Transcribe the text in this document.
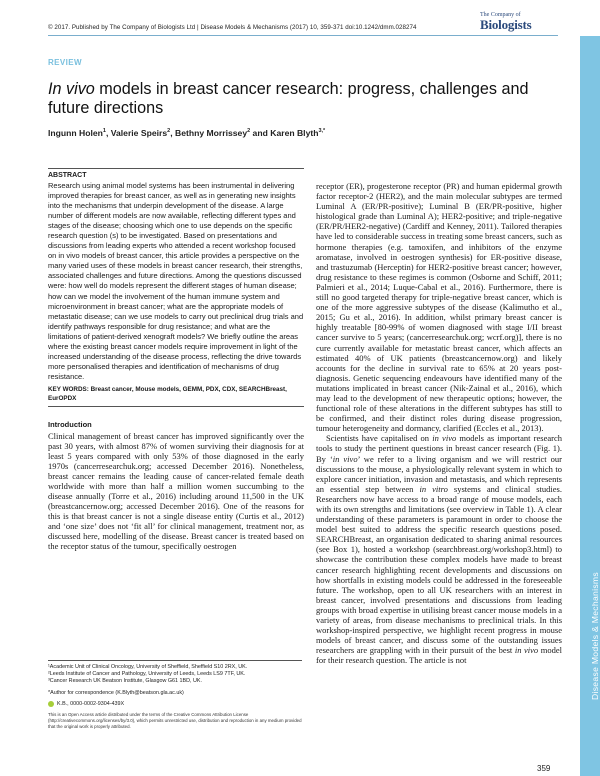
© 2017. Published by The Company of Biologists Ltd | Disease Models & Mechanisms (2017) 10, 359-371 doi:10.1242/dmm.028274
The Company of
Biologists
Disease Models & Mechanisms
REVIEW
In vivo models in breast cancer research: progress, challenges and future directions
Ingunn Holen$^1$, Valerie Speirs$^2$, Bethny Morrissey$^2$ and Karen Blyth$^{3,*}$

ABSTRACT

Research using animal model systems has been instrumental in delivering improved therapies for breast cancer, as well as in generating new insights into the mechanisms that underpin development of the disease. A large number of different models are now available, reflecting different types and stages of the disease; choosing which one to use depends on the specific research question (s) to be investigated. Based on presentations and discussions from leading experts who attended a recent workshop focused on in vivo models of breast cancer, this article provides a perspective on the many varied uses of these models in breast cancer research, their strengths, associated challenges and future directions. Among the questions discussed were: how well do models represent the different stages of human disease; how can we model the involvement of the human immune system and microenvironment in breast cancer; what are the appropriate models of metastatic disease; can we use models to carry out preclinical drug trials and identify pathways responsible for drug resistance; and what are the limitations of patient-derived xenograft models? We briefly outline the areas where the existing breast cancer models require improvement in light of the increased understanding of the disease process, reflecting the drive towards more personalised therapies and identification of mechanisms of drug resistance.

KEY WORDS: Breast cancer, Mouse models, GEMM, PDX, CDX, SEARCHBreast, EurOPDX

Introduction

Clinical management of breast cancer has improved significantly over the past 30 years, with almost 87% of women surviving their diagnosis for at least 5 years compared with only 53% of those diagnosed in the early 1970s (cancerresearchuk.org; accessed December 2016). Nonetheless, breast cancer remains the leading cause of cancer-related female death worldwide with more than half a million women succumbing to the disease annually (Torre et al., 2016) including around 11,500 in the UK (breastcancernow.org; accessed December 2016). One of the reasons for this is that breast cancer is not a single disease entity (Curtis et al., 2012) and ‘one size’ does not ‘fit all’ for clinical management, treatment nor, as discussed here, modelling of the disease. Breast cancer is treated based on the receptor status of the tumour, specifically oestrogen

receptor (ER), progesterone receptor (PR) and human epidermal growth factor receptor-2 (HER2), and the main molecular subtypes are termed Luminal A (ER/PR-positive); Luminal B (ER/PR-positive, higher histological grade than Luminal A); HER2-positive; and triple-negative (ER/PR/HER2-negative) (Cardiff and Kenney, 2011). Tailored therapies have led to considerable success in treating some breast cancers, such as hormone therapies (e.g. tamoxifen, and inhibitors of the enzyme aromatase, involved in oestrogen synthesis) for ER-positive disease, and trastuzumab (Herceptin) for HER2-positive breast cancer; however, drug resistance to these regimes is common (Osborne and Schiff, 2011; Palmieri et al., 2014; Luque-Cabal et al., 2016). Furthermore, there is still no good targeted therapy for triple-negative breast cancer, which is one of the more aggressive subtypes of the disease (Kalimutho et al., 2015; Gu et al., 2016). In addition, whilst primary breast cancer is highly treatable [80-99% of women diagnosed with stage I/II breast cancer survive to 5 years; (cancerresearchuk.org; wcrf.org)], there is no cure currently available for metastatic breast cancer, which affects an estimated 40% of UK patients (breastcancernow.org) and likely accounts for the decline in survival rate to 65% at 20 years post-diagnosis. Genetic sequencing endeavours have identified many of the mutations implicated in breast cancer (Nik-Zainal et al., 2016), which may lead to the development of new therapeutic options; however, the functional role of these alterations in the different subtypes has still to be confirmed, and their distinct roles during disease progression, tumour heterogeneity and dormancy, clarified (Eccles et al., 2013).

Scientists have capitalised on in vivo models as important research tools to study the pertinent questions in breast cancer research (Fig. 1). By ‘in vivo’ we refer to a living organism and we will restrict our discussions to the mouse, a physiologically relevant system in which to explore cancer initiation, invasion and metastasis, and which represents an essential step between in vitro systems and clinical studies. Researchers now have access to a broad range of mouse models, each with its own strengths and limitations (see overview in Table 1). A clear understanding of these parameters is paramount in order to choose the model best suited to address the specific research questions posed. SEARCHBreast, an organisation dedicated to sharing animal resources (see Box 1), hosted a workshop (searchbreast.org/workshop3.html) to showcase the contribution these complex models have made to breast cancer research highlighting recent developments and discussions on how shortfalls in existing models could be addressed in the foreseeable future. The workshop, open to all UK researchers with an interest in breast cancer, involved presentations and discussions from leading groups with broad expertise in utilising breast cancer mouse models in a variety of areas, from disease mechanisms to preclinical trials. In this workshop-inspired perspective, we highlight recent progress in mouse models of breast cancer, and discuss some of the outstanding issues researchers are grappling with in their pursuit of the best in vivo model for their research question. The article is not

¹Academic Unit of Clinical Oncology, University of Sheffield, Sheffield S10 2RX, UK.

²Leeds Institute of Cancer and Pathology, University of Leeds, Leeds LS9 7TF, UK.

³Cancer Research UK Beatson Institute, Glasgow G61 1BD, UK.

*Author for correspondence (K.Blyth@beatson.gla.ac.uk)

K.B., 0000-0002-9304-439X

This is an Open Access article distributed under the terms of the Creative Commons Attribution License (http://creativecommons.org/licenses/by/3.0), which permits unrestricted use, distribution and reproduction in any medium provided that the original work is properly attributed.

359
